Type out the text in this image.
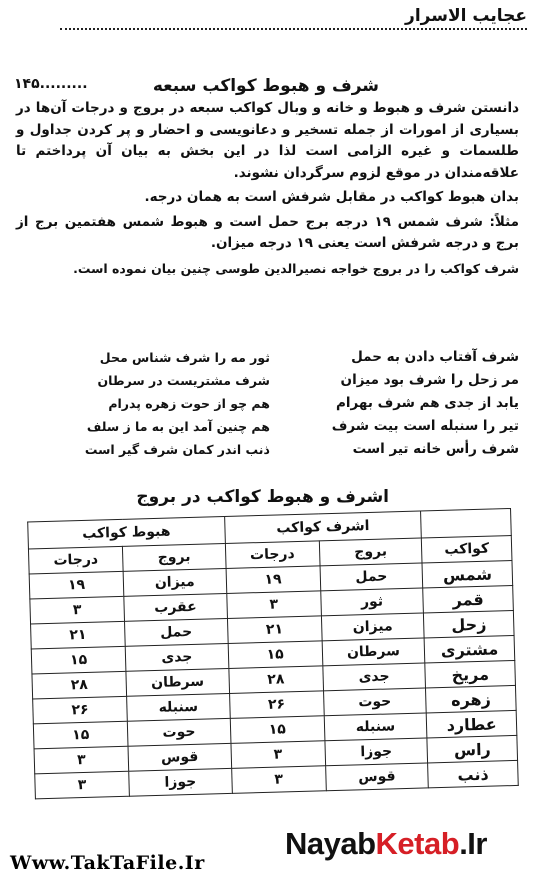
عجایب الاسرار
۱۴۵.........	شرف و هبوط کواکب سبعه

دانستن شرف و هبوط و خانه و وبال کواکب سبعه در بروج و درجات آن‌ها در بسیاری از امورات از جمله تسخیر و دعانویسی و احضار و پر کردن جداول و طلسمات و غیره الزامی است لذا در این بخش به بیان آن پرداختم تا علاقه‌مندان در موقع لزوم سرگردان نشوند.

بدان هبوط کواکب در مقابل شرفش است به همان درجه.

مثلاً: شرف شمس ۱۹ درجه برج حمل است و هبوط شمس هفتمین برج از برج و درجه شرفش است یعنی ۱۹ درجه میزان.

شرف کواکب را در بروج خواجه نصیرالدین طوسی چنین بیان نموده است.

شرف آفتاب دادن به حمل
مر زحل را شرف بود میزان
یابد از جدی هم شرف بهرام
تیر را سنبله است بیت شرف
شرف رأس خانه تیر است
ثور مه را شرف شناس محل
شرف مشتریست در سرطان
هم چو از حوت زهره پدرام
هم چنین آمد این به ما ز سلف
ذنب اندر کمان شرف گیر است
اشرف و هبوط کواکب در بروج
	اشرف کواکب		هبوط کواکب	
کواکب	بروج	درجات	بروج	درجات
شمس	حمل	۱۹	میزان	۱۹
قمر	ثور	۳	عقرب	۳
زحل	میزان	۲۱	حمل	۲۱
مشتری	سرطان	۱۵	جدی	۱۵
مریخ	جدی	۲۸	سرطان	۲۸
زهره	حوت	۲۶	سنبله	۲۶
عطارد	سنبله	۱۵	حوت	۱۵
راس	جوزا	۳	قوس	۳
ذنب	قوس	۳	جوزا	۳
Www.TakTaFile.Ir
NayabKetab.Ir
